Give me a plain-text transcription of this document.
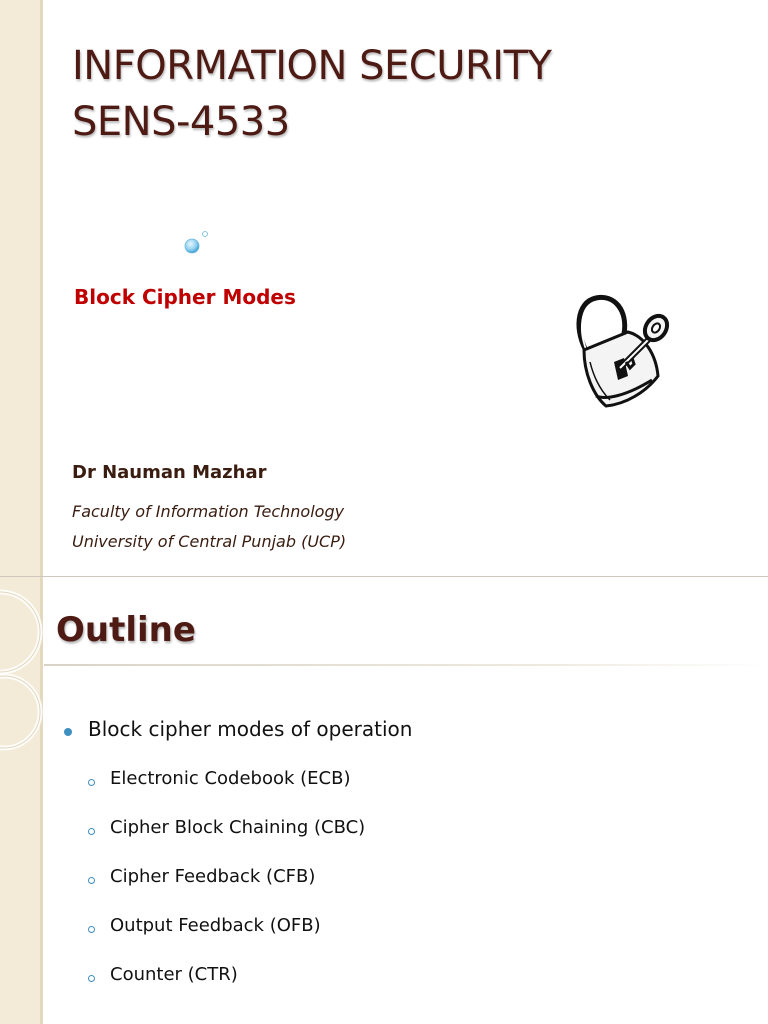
INFORMATION SECURITY
SENS-4533
Block Cipher Modes
Dr Nauman Mazhar
Faculty of Information Technology
University of Central Punjab (UCP)
Outline
Block cipher modes of operation
Electronic Codebook (ECB)
Cipher Block Chaining (CBC)
Cipher Feedback (CFB)
Output Feedback (OFB)
Counter (CTR)
